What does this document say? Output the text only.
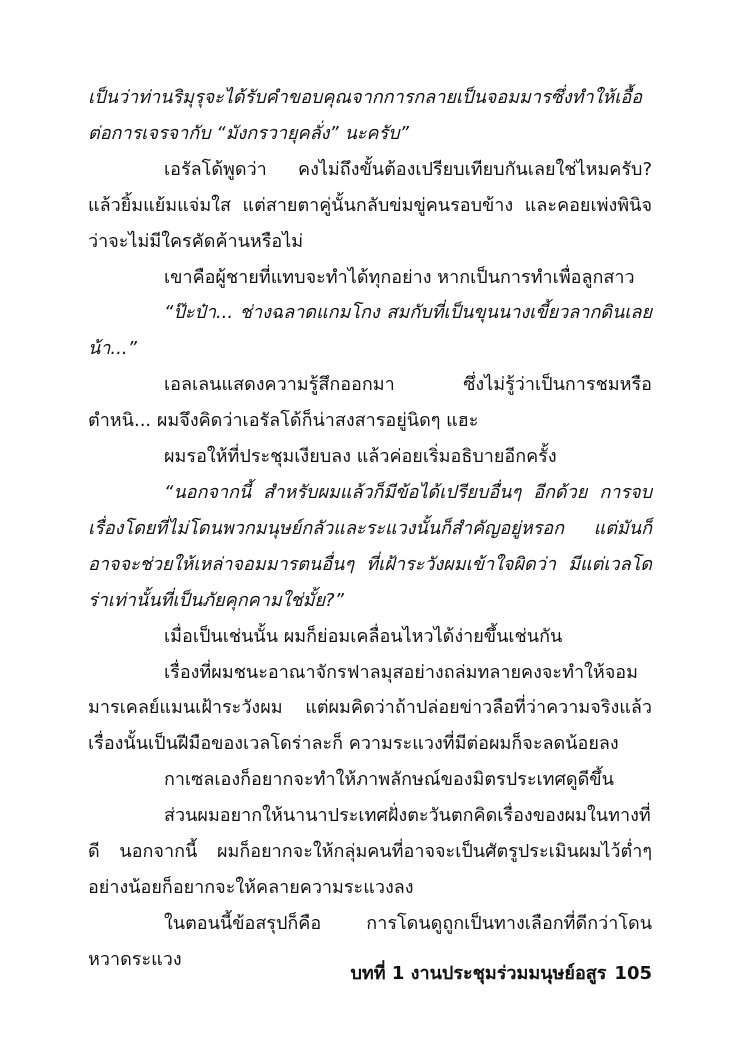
เป็นว่าท่านริมุรุจะได้รับคำขอบคุณจากการกลายเป็นจอมมารซึ่งทำให้เอื้อต่อการเจรจากับ “มังกรวายุคลั่ง” นะครับ”

เอรัลโด้พูดว่า คงไม่ถึงขั้นต้องเปรียบเทียบกันเลยใช่ไหมครับ? แล้วยิ้มแย้มแจ่มใส แต่สายตาคู่นั้นกลับข่มขู่คนรอบข้าง และคอยเพ่งพินิจว่าจะไม่มีใครคัดค้านหรือไม่

เขาคือผู้ชายที่แทบจะทำได้ทุกอย่าง หากเป็นการทำเพื่อลูกสาว

“ป๊ะป๋า... ช่างฉลาดแกมโกง สมกับที่เป็นขุนนางเขี้ยวลากดินเลยน้า...”

เอลเลนแสดงความรู้สึกออกมา ซึ่งไม่รู้ว่าเป็นการชมหรือตำหนิ... ผมจึงคิดว่าเอรัลโด้ก็น่าสงสารอยู่นิดๆ แฮะ

ผมรอให้ที่ประชุมเงียบลง แล้วค่อยเริ่มอธิบายอีกครั้ง

“นอกจากนี้ สำหรับผมแล้วก็มีข้อได้เปรียบอื่นๆ อีกด้วย การจบเรื่องโดยที่ไม่โดนพวกมนุษย์กลัวและระแวงนั้นก็สำคัญอยู่หรอก แต่มันก็อาจจะช่วยให้เหล่าจอมมารตนอื่นๆ ที่เฝ้าระวังผมเข้าใจผิดว่า มีแต่เวลโดร่าเท่านั้นที่เป็นภัยคุกคามใช่มั้ย?”

เมื่อเป็นเช่นนั้น ผมก็ย่อมเคลื่อนไหวได้ง่ายขึ้นเช่นกัน

เรื่องที่ผมชนะอาณาจักรฟาลมุสอย่างถล่มทลายคงจะทำให้จอมมารเคลย์แมนเฝ้าระวังผม แต่ผมคิดว่าถ้าปล่อยข่าวลือที่ว่าความจริงแล้วเรื่องนั้นเป็นฝีมือของเวลโดร่าละก็ ความระแวงที่มีต่อผมก็จะลดน้อยลง

กาเซลเองก็อยากจะทำให้ภาพลักษณ์ของมิตรประเทศดูดีขึ้น

ส่วนผมอยากให้นานาประเทศฝั่งตะวันตกคิดเรื่องของผมในทางที่ดี นอกจากนี้ ผมก็อยากจะให้กลุ่มคนที่อาจจะเป็นศัตรูประเมินผมไว้ต่ำๆ อย่างน้อยก็อยากจะให้คลายความระแวงลง

ในตอนนี้ข้อสรุปก็คือ การโดนดูถูกเป็นทางเลือกที่ดีกว่าโดนหวาดระแวง

บทที่ 1 งานประชุมร่วมมนุษย์อสูร 105
